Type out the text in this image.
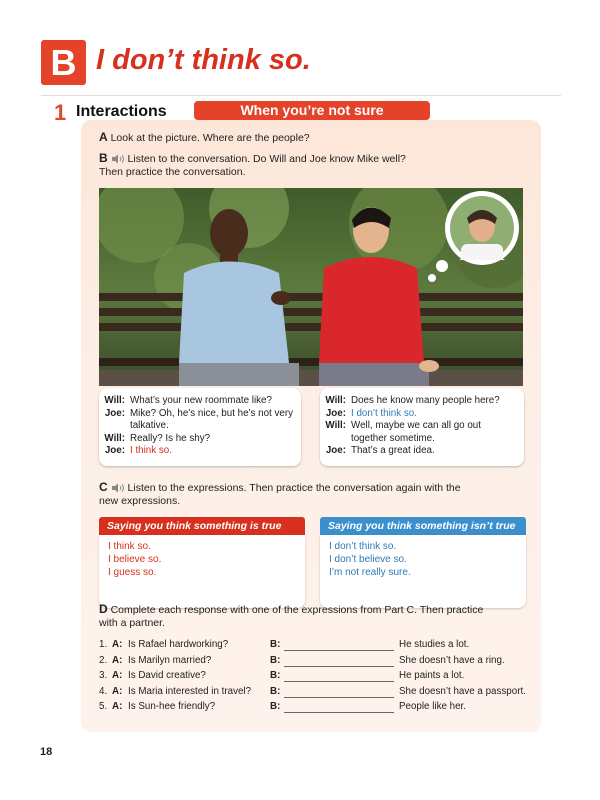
B I don’t think so.
1 Interactions	When you’re not sure
A Look at the picture. Where are the people?
B Listen to the conversation. Do Will and Joe know Mike well?
Then practice the conversation.
Will: What’s your new roommate like?
Joe: Mike? Oh, he’s nice, but he’s not very
talkative.
Will: Really? Is he shy?
Joe: I think so.
Will: Does he know many people here?
Joe: I don’t think so.
Will: Well, maybe we can all go out
together sometime.
Joe: That’s a great idea.
C Listen to the expressions. Then practice the conversation again with the
new expressions.
Saying you think something is true
I think so.
I believe so.
I guess so.
Saying you think something isn’t true
I don’t think so.
I don’t believe so.
I’m not really sure.
D Complete each response with one of the expressions from Part C. Then practice
with a partner.
1. A: Is Rafael hardworking?	B:	He studies a lot.
2. A: Is Marilyn married?	B:	She doesn’t have a ring.
3. A: Is David creative?	B:	He paints a lot.
4. A: Is Maria interested in travel? B:	She doesn’t have a passport.
5. A: Is Sun-hee friendly?	B:	People like her.
18
